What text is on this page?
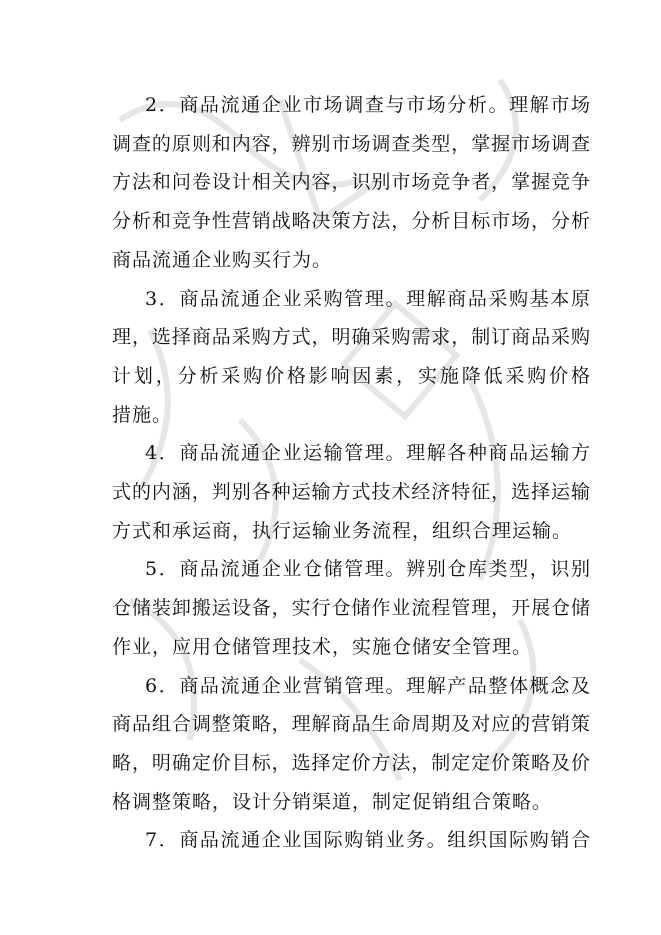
2．商品流通企业市场调查与市场分析。理解市场
调查的原则和内容，辨别市场调查类型，掌握市场调查
方法和问卷设计相关内容，识别市场竞争者，掌握竞争
分析和竞争性营销战略决策方法，分析目标市场，分析
商品流通企业购买行为。
3．商品流通企业采购管理。理解商品采购基本原
理，选择商品采购方式，明确采购需求，制订商品采购
计划，分析采购价格影响因素，实施降低采购价格
措施。
4．商品流通企业运输管理。理解各种商品运输方
式的内涵，判别各种运输方式技术经济特征，选择运输
方式和承运商，执行运输业务流程，组织合理运输。
5．商品流通企业仓储管理。辨别仓库类型，识别
仓储装卸搬运设备，实行仓储作业流程管理，开展仓储
作业，应用仓储管理技术，实施仓储安全管理。
6．商品流通企业营销管理。理解产品整体概念及
商品组合调整策略，理解商品生命周期及对应的营销策
略，明确定价目标，选择定价方法，制定定价策略及价
格调整策略，设计分销渠道，制定促销组合策略。
7．商品流通企业国际购销业务。组织国际购销合
